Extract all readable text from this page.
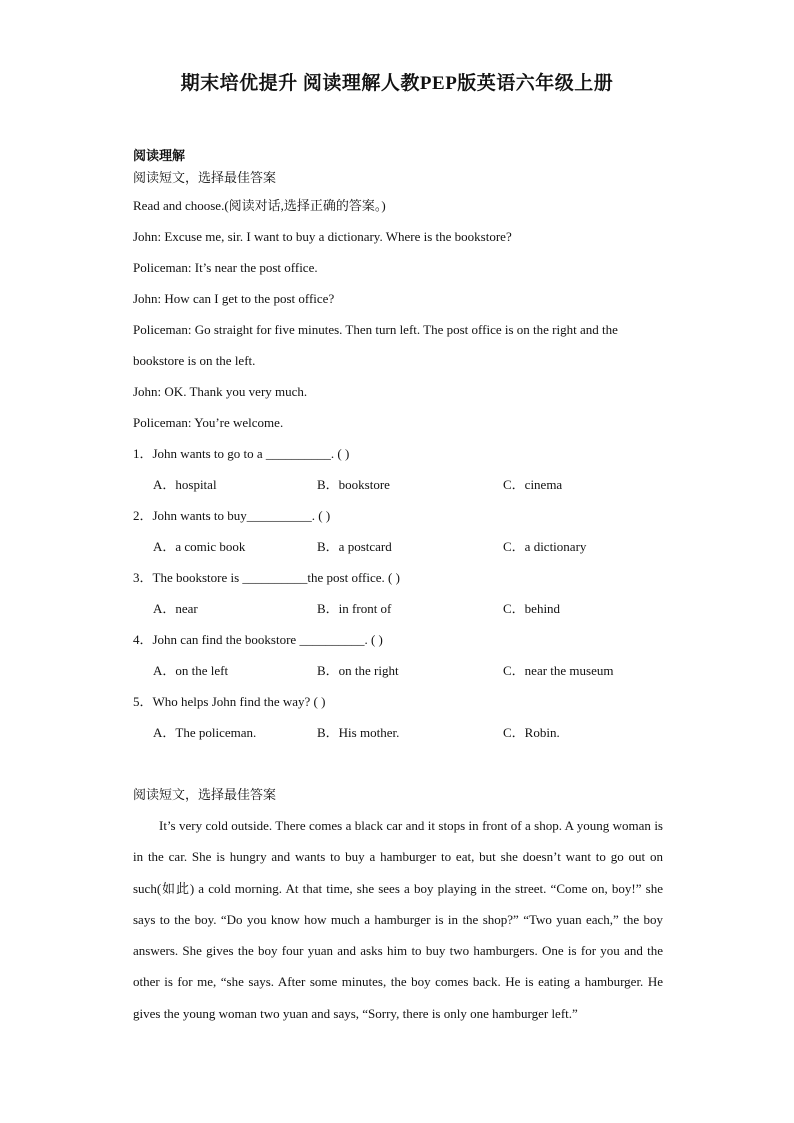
期末培优提升 阅读理解人教PEP版英语六年级上册
阅读理解
阅读短文，选择最佳答案
Read and choose.(阅读对话,选择正确的答案。)
John: Excuse me, sir. I want to buy a dictionary. Where is the bookstore?
Policeman: It’s near the post office.
John: How can I get to the post office?
Policeman: Go straight for five minutes. Then turn left. The post office is on the right and the
bookstore is on the left.
John: OK. Thank you very much.
Policeman: You’re welcome.
1．John wants to go to a __________. ( )
A．hospital	B．bookstore	C．cinema
2．John wants to buy__________. ( )
A．a comic book	B．a postcard	C．a dictionary
3．The bookstore is __________the post office. ( )
A．near	B．in front of	C．behind
4．John can find the bookstore __________. ( )
A．on the left	B．on the right	C．near the museum
5．Who helps John find the way? ( )
A．The policeman.	B．His mother.	C．Robin.
阅读短文，选择最佳答案
It’s very cold outside. There comes a black car and it stops in front of a shop. A young woman is in the car. She is hungry and wants to buy a hamburger to eat, but she doesn’t want to go out on such(如此) a cold morning. At that time, she sees a boy playing in the street. “Come on, boy!” she says to the boy. “Do you know how much a hamburger is in the shop?” “Two yuan each,” the boy answers. She gives the boy four yuan and asks him to buy two hamburgers. One is for you and the other is for me, “she says. After some minutes, the boy comes back. He is eating a hamburger. He gives the young woman two yuan and says, “Sorry, there is only one hamburger left.”
